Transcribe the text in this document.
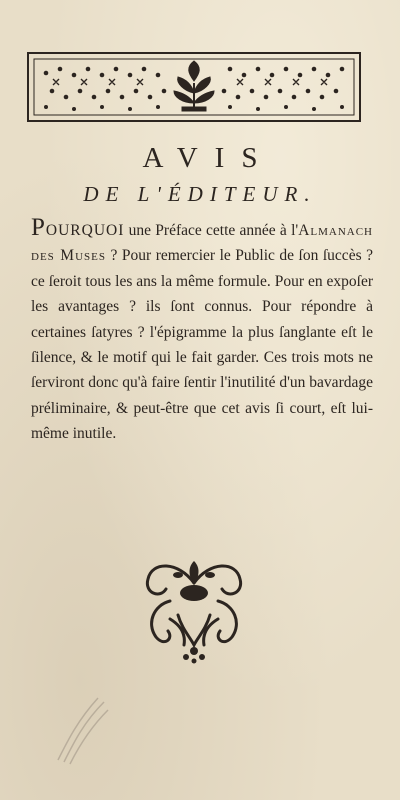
AVIS
DE L'ÉDITEUR.

POURQUOI une Préface cette année à l'Almanach des Muses ? Pour remercier le Public de ſon ſuccès ? ce ſeroit tous les ans la même formule. Pour en expoſer les avantages ? ils ſont connus. Pour répondre à certaines ſatyres ? l'épigramme la plus ſanglante eſt le ſilence, & le motif qui le fait garder. Ces trois mots ne ſerviront donc qu'à faire ſentir l'inutilité d'un bavardage préliminaire, & peut-être que cet avis ſi court, eſt lui-même inutile.
